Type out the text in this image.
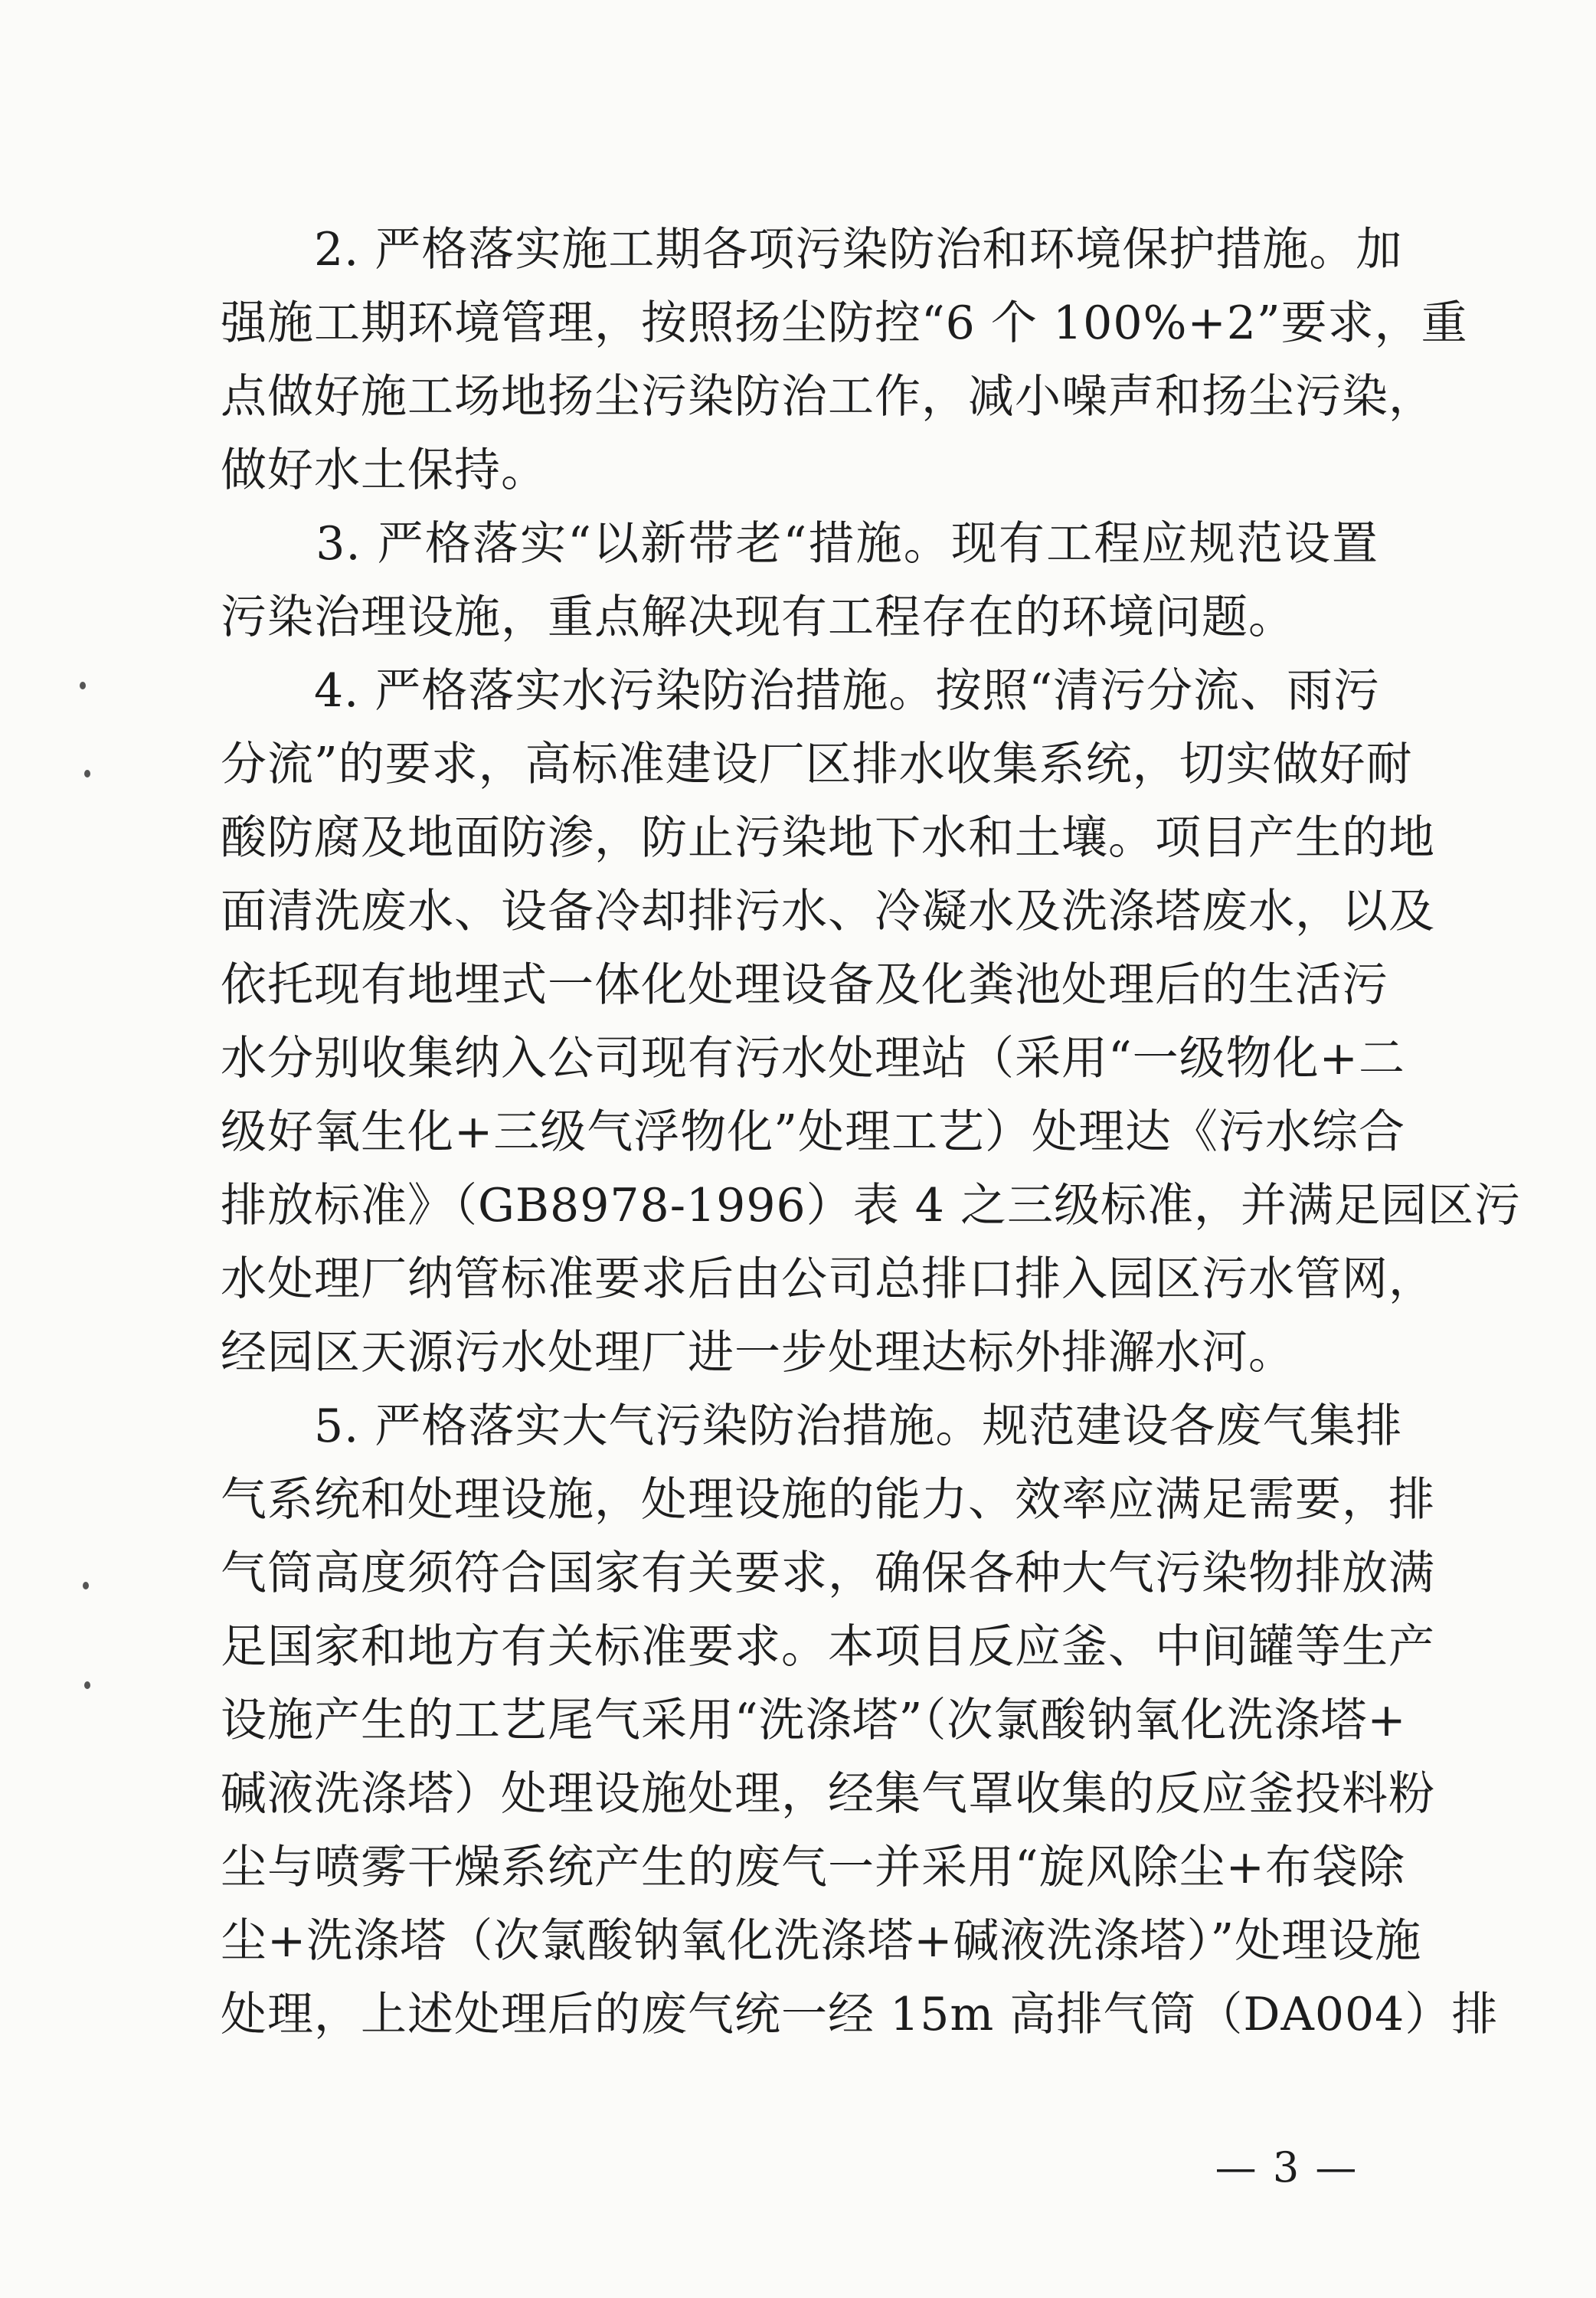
　　2. 严格落实施工期各项污染防治和环境保护措施。加
强施工期环境管理，按照扬尘防控“6 个 100%+2”要求，重
点做好施工场地扬尘污染防治工作，减小噪声和扬尘污染，
做好水土保持。
　　3. 严格落实“以新带老“措施。现有工程应规范设置
污染治理设施，重点解决现有工程存在的环境问题。
　　4. 严格落实水污染防治措施。按照“清污分流、雨污
分流”的要求，高标准建设厂区排水收集系统，切实做好耐
酸防腐及地面防渗，防止污染地下水和土壤。项目产生的地
面清洗废水、设备冷却排污水、冷凝水及洗涤塔废水，以及
依托现有地埋式一体化处理设备及化粪池处理后的生活污
水分别收集纳入公司现有污水处理站（采用“一级物化+二
级好氧生化+三级气浮物化”处理工艺）处理达《污水综合
排放标准》（GB8978-1996）表 4 之三级标准，并满足园区污
水处理厂纳管标准要求后由公司总排口排入园区污水管网，
经园区天源污水处理厂进一步处理达标外排澥水河。
　　5. 严格落实大气污染防治措施。规范建设各废气集排
气系统和处理设施，处理设施的能力、效率应满足需要，排
气筒高度须符合国家有关要求，确保各种大气污染物排放满
足国家和地方有关标准要求。本项目反应釜、中间罐等生产
设施产生的工艺尾气采用“洗涤塔”（次氯酸钠氧化洗涤塔+
碱液洗涤塔）处理设施处理，经集气罩收集的反应釜投料粉
尘与喷雾干燥系统产生的废气一并采用“旋风除尘+布袋除
尘+洗涤塔（次氯酸钠氧化洗涤塔+碱液洗涤塔）”处理设施
处理，上述处理后的废气统一经 15m 高排气筒（DA004）排
— 3 —
